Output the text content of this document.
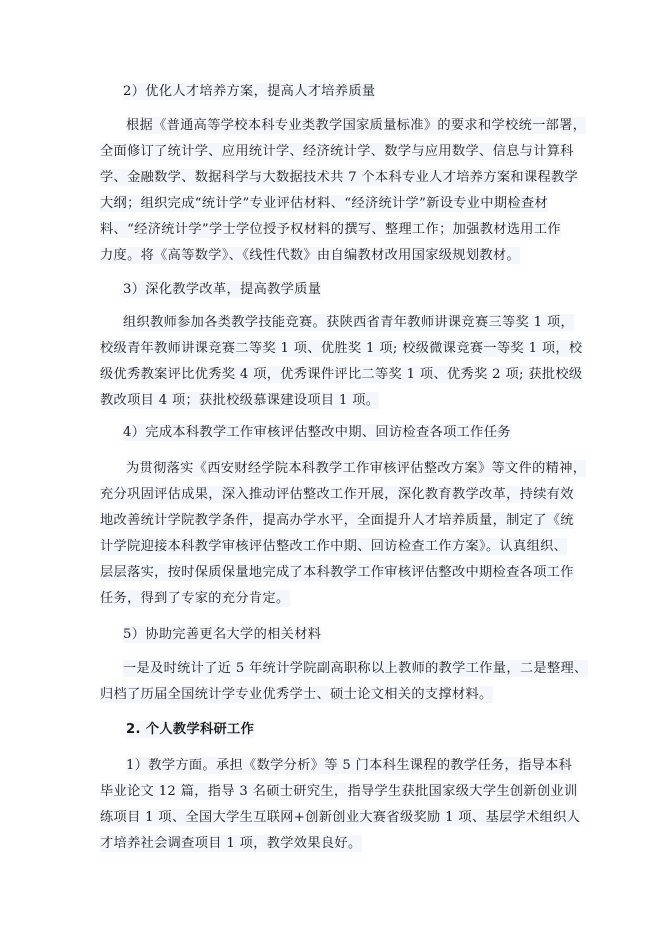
2）优化人才培养方案，提高人才培养质量
根据《普通高等学校本科专业类教学国家质量标准》的要求和学校统一部署，
全面修订了统计学、应用统计学、经济统计学、数学与应用数学、信息与计算科
学、金融数学、数据科学与大数据技术共 7 个本科专业人才培养方案和课程教学
大纲；组织完成“统计学”专业评估材料、“经济统计学”新设专业中期检查材
料、“经济统计学”学士学位授予权材料的撰写、整理工作；加强教材选用工作
力度。将《高等数学》、《线性代数》由自编教材改用国家级规划教材。
3）深化教学改革，提高教学质量
组织教师参加各类教学技能竞赛。获陕西省青年教师讲课竞赛三等奖 1 项，
校级青年教师讲课竞赛二等奖 1 项、优胜奖 1 项; 校级微课竞赛一等奖 1 项，校
级优秀教案评比优秀奖 4 项，优秀课件评比二等奖 1 项、优秀奖 2 项; 获批校级
教改项目 4 项；获批校级慕课建设项目 1 项。
4）完成本科教学工作审核评估整改中期、回访检查各项工作任务
为贯彻落实《西安财经学院本科教学工作审核评估整改方案》等文件的精神，
充分巩固评估成果，深入推动评估整改工作开展，深化教育教学改革，持续有效
地改善统计学院教学条件，提高办学水平，全面提升人才培养质量，制定了《统
计学院迎接本科教学审核评估整改工作中期、回访检查工作方案》。认真组织、
层层落实，按时保质保量地完成了本科教学工作审核评估整改中期检查各项工作
任务，得到了专家的充分肯定。
5）协助完善更名大学的相关材料
一是及时统计了近 5 年统计学院副高职称以上教师的教学工作量，二是整理、
归档了历届全国统计学专业优秀学士、硕士论文相关的支撑材料。
2. 个人教学科研工作
1）教学方面。承担《数学分析》等 5 门本科生课程的教学任务，指导本科
毕业论文 12 篇，指导 3 名硕士研究生，指导学生获批国家级大学生创新创业训
练项目 1 项、全国大学生互联网+创新创业大赛省级奖励 1 项、基层学术组织人
才培养社会调查项目 1 项，教学效果良好。
